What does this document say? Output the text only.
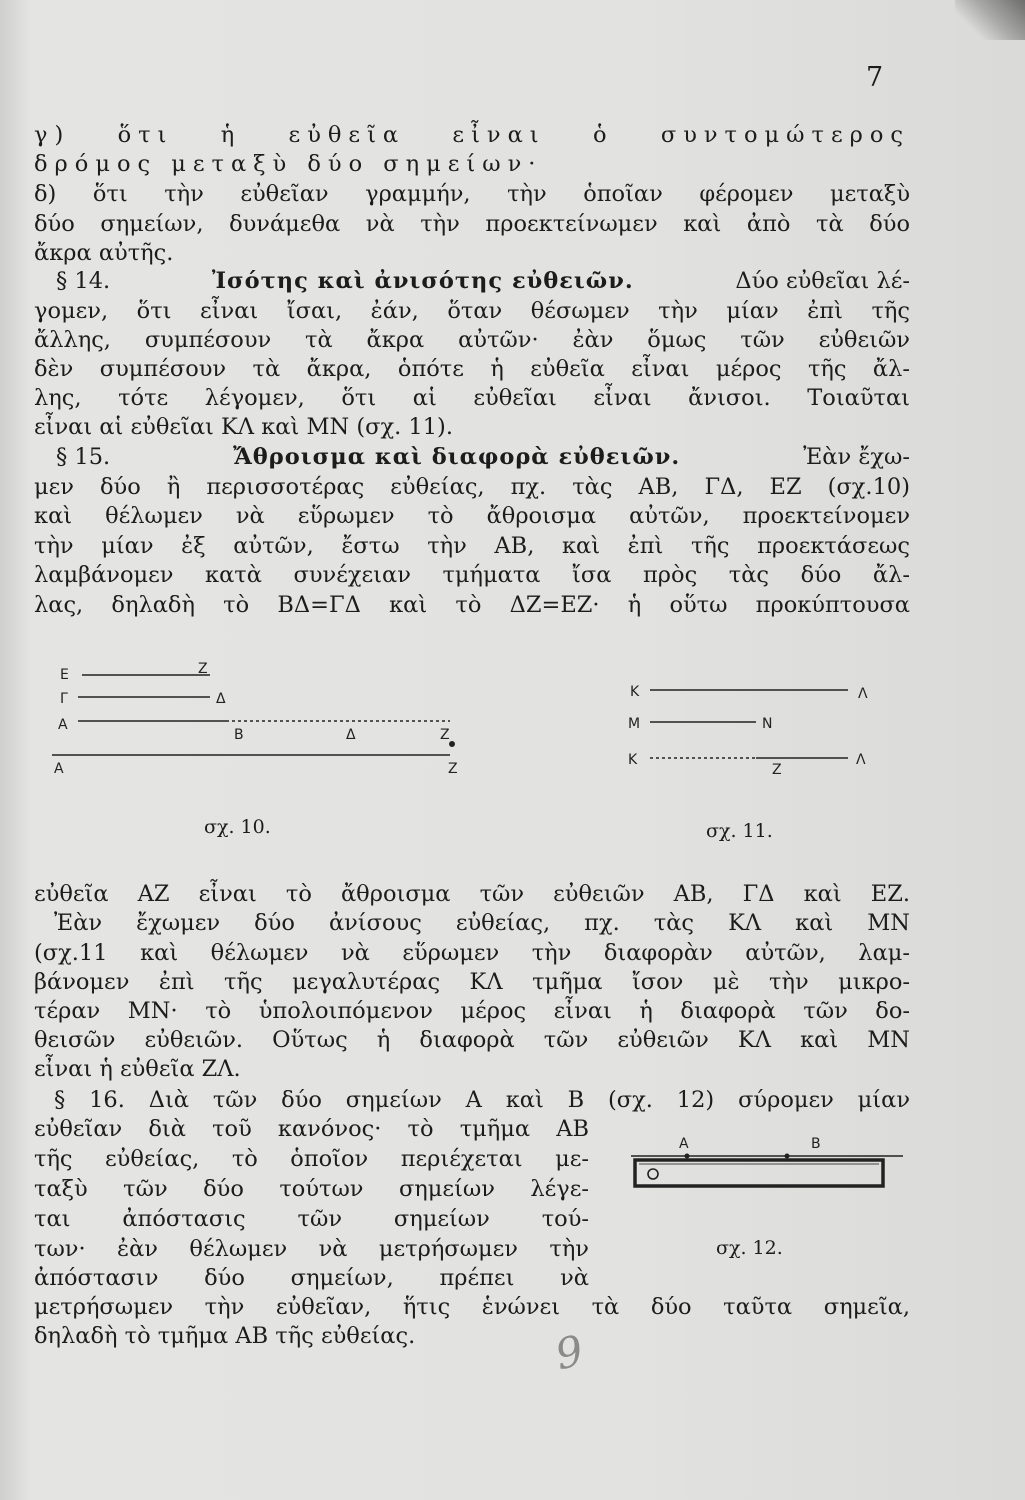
7
γ) ὅτι ἡ εὐθεῖα εἶναι ὁ συντομώτερος
δρόμος μεταξὺ δύο σημείων·
δ) ὅτι τὴν εὐθεῖαν γραμμήν, τὴν ὁποῖαν φέρομεν μεταξὺ
δύο σημείων, δυνάμεθα νὰ τὴν προεκτείνωμεν καὶ ἀπὸ τὰ δύο
ἄκρα αὐτῆς.
§ 14.	Ἰσότης καὶ ἀνισότης εὐθειῶν.	Δύο εὐθεῖαι λέ-
γομεν, ὅτι εἶναι ἴσαι, ἐάν, ὅταν θέσωμεν τὴν μίαν ἐπὶ τῆς
ἄλλης, συμπέσουν τὰ ἄκρα αὐτῶν· ἐὰν ὅμως τῶν εὐθειῶν
δὲν συμπέσουν τὰ ἄκρα, ὁπότε ἡ εὐθεῖα εἶναι μέρος τῆς ἄλ-
λης, τότε λέγομεν, ὅτι αἱ εὐθεῖαι εἶναι ἄνισοι. Τοιαῦται
εἶναι αἱ εὐθεῖαι ΚΛ καὶ ΜΝ (σχ. 11).
§ 15.	Ἄθροισμα καὶ διαφορὰ εὐθειῶν.	Ἐὰν ἔχω-
μεν δύο ἢ περισσοτέρας εὐθείας, πχ. τὰς ΑΒ, ΓΔ, ΕΖ (σχ.10)
καὶ θέλωμεν νὰ εὕρωμεν τὸ ἄθροισμα αὐτῶν, προεκτείνομεν
τὴν μίαν ἐξ αὐτῶν, ἔστω τὴν ΑΒ, καὶ ἐπὶ τῆς προεκτάσεως
λαμβάνομεν κατὰ συνέχειαν τμήματα ἴσα πρὸς τὰς δύο ἄλ-
λας, δηλαδὴ τὸ ΒΔ=ΓΔ καὶ τὸ ΔΖ=ΕΖ· ἡ οὕτω προκύπτουσα
Ε	Ζ
Γ	Δ
Α
Β	Δ	Ζ
Α	Ζ
σχ. 10.
Κ	Λ
Μ	Ν
Κ
Ζ
Λ
σχ. 11.
εὐθεῖα ΑΖ εἶναι τὸ ἄθροισμα τῶν εὐθειῶν ΑΒ, ΓΔ καὶ ΕΖ.
Ἐὰν ἔχωμεν δύο ἀνίσους εὐθείας, πχ. τὰς ΚΛ καὶ ΜΝ
(σχ.11 καὶ θέλωμεν νὰ εὕρωμεν τὴν διαφορὰν αὐτῶν, λαμ-
βάνομεν ἐπὶ τῆς μεγαλυτέρας ΚΛ τμῆμα ἴσον μὲ τὴν μικρο-
τέραν ΜΝ· τὸ ὑπολοιπόμενον μέρος εἶναι ἡ διαφορὰ τῶν δο-
θεισῶν εὐθειῶν. Οὕτως ἡ διαφορὰ τῶν εὐθειῶν ΚΛ καὶ ΜΝ
εἶναι ἡ εὐθεῖα ΖΛ.
§ 16. Διὰ τῶν δύο σημείων Α καὶ Β (σχ. 12) σύρομεν μίαν
εὐθεῖαν διὰ τοῦ κανόνος· τὸ τμῆμα ΑΒ
τῆς εὐθείας, τὸ ὁποῖον περιέχεται με-
ταξὺ τῶν δύο τούτων σημείων λέγε-
ται ἀπόστασις τῶν σημείων τού-
των· ἐὰν θέλωμεν νὰ μετρήσωμεν τὴν
ἀπόστασιν δύο σημείων, πρέπει νὰ
μετρήσωμεν τὴν εὐθεῖαν, ἥτις ἑνώνει τὰ δύο ταῦτα σημεῖα,
δηλαδὴ τὸ τμῆμα ΑΒ τῆς εὐθείας.
Α	Β
σχ. 12.
9
